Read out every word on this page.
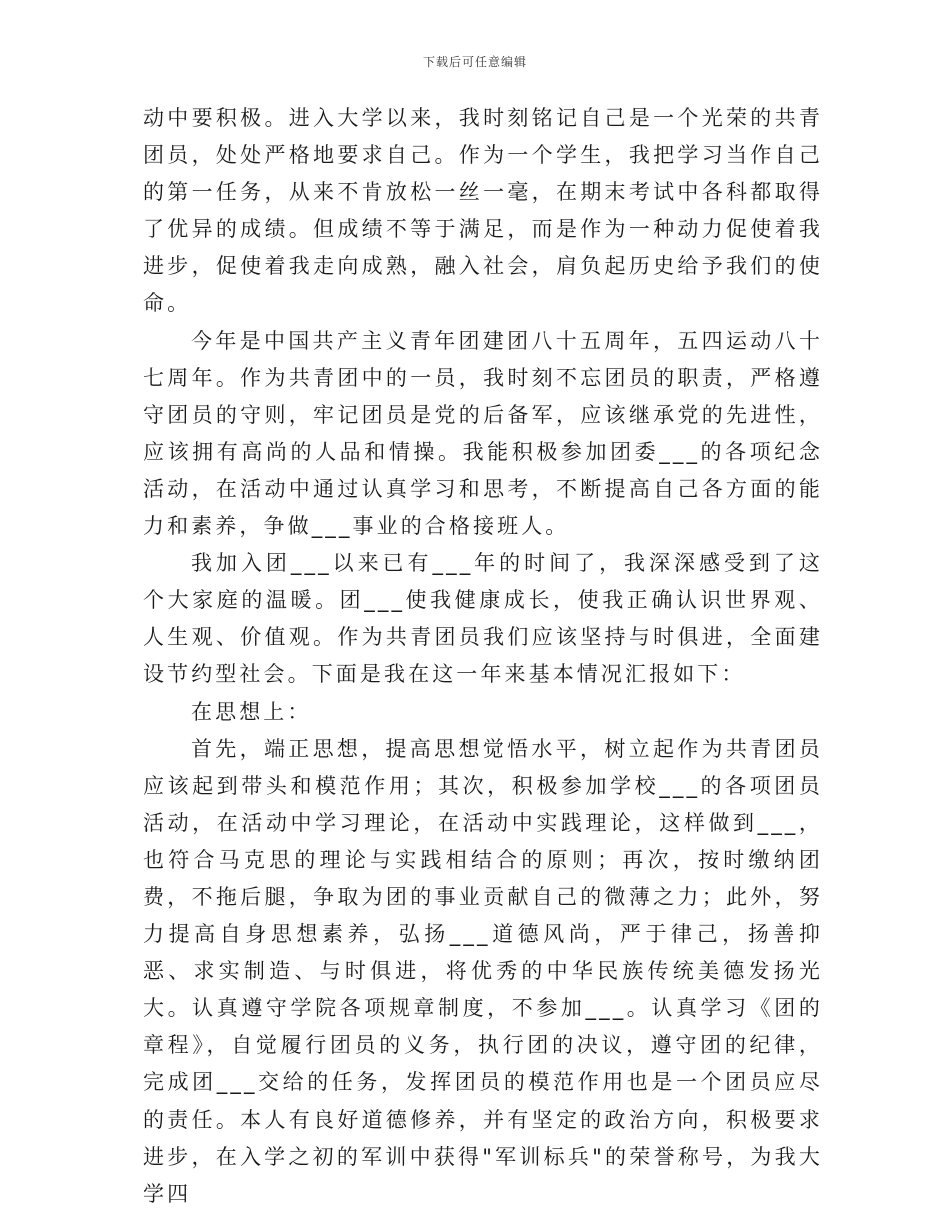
下载后可任意编辑

动中要积极。进入大学以来，我时刻铭记自己是一个光荣的共青团员，处处严格地要求自己。作为一个学生，我把学习当作自己的第一任务，从来不肯放松一丝一毫，在期末考试中各科都取得了优异的成绩。但成绩不等于满足，而是作为一种动力促使着我进步，促使着我走向成熟，融入社会，肩负起历史给予我们的使命。

今年是中国共产主义青年团建团八十五周年，五四运动八十七周年。作为共青团中的一员，我时刻不忘团员的职责，严格遵守团员的守则，牢记团员是党的后备军，应该继承党的先进性，应该拥有高尚的人品和情操。我能积极参加团委___的各项纪念活动，在活动中通过认真学习和思考，不断提高自己各方面的能力和素养，争做___事业的合格接班人。

我加入团___以来已有___年的时间了，我深深感受到了这个大家庭的温暖。团___使我健康成长，使我正确认识世界观、人生观、价值观。作为共青团员我们应该坚持与时俱进，全面建设节约型社会。下面是我在这一年来基本情况汇报如下：

在思想上：

首先，端正思想，提高思想觉悟水平，树立起作为共青团员应该起到带头和模范作用；其次，积极参加学校___的各项团员活动，在活动中学习理论，在活动中实践理论，这样做到___，也符合马克思的理论与实践相结合的原则；再次，按时缴纳团费，不拖后腿，争取为团的事业贡献自己的微薄之力；此外，努力提高自身思想素养，弘扬___道德风尚，严于律己，扬善抑恶、求实制造、与时俱进，将优秀的中华民族传统美德发扬光大。认真遵守学院各项规章制度，不参加___。认真学习《团的章程》，自觉履行团员的义务，执行团的决议，遵守团的纪律，完成团___交给的任务，发挥团员的模范作用也是一个团员应尽的责任。本人有良好道德修养，并有坚定的政治方向，积极要求进步，在入学之初的军训中获得"军训标兵"的荣誉称号，为我大学四
